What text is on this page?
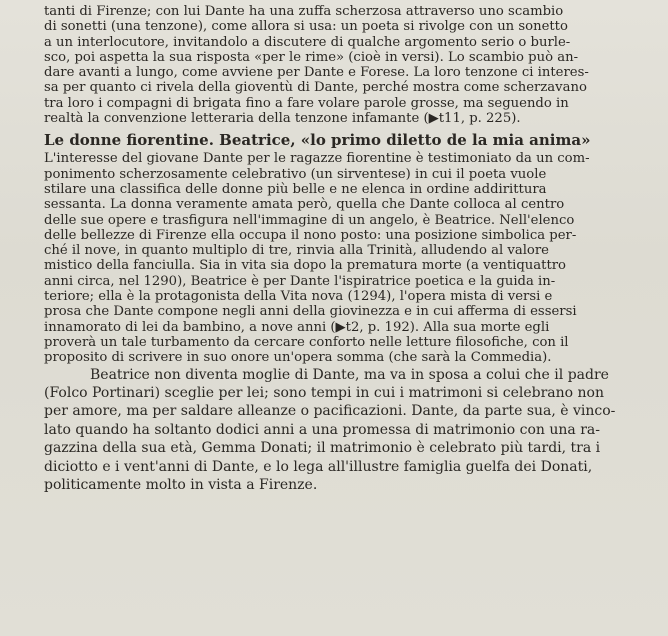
tanti di Firenze; con lui Dante ha una zuffa scherzosa attraverso uno scambio
di sonetti (una tenzone), come allora si usa: un poeta si rivolge con un sonetto
a un interlocutore, invitandolo a discutere di qualche argomento serio o burle-
sco, poi aspetta la sua risposta «per le rime» (cioè in versi). Lo scambio può an-
dare avanti a lungo, come avviene per Dante e Forese. La loro tenzone ci interes-
sa per quanto ci rivela della gioventù di Dante, perché mostra come scherzavano
tra loro i compagni di brigata fino a fare volare parole grosse, ma seguendo in
realtà la convenzione letteraria della tenzone infamante (▶t11, p. 225).
Le donne fiorentine. Beatrice, «lo primo diletto de la mia anima»
L'interesse del giovane Dante per le ragazze fiorentine è testimoniato da un com-
ponimento scherzosamente celebrativo (un sirventese) in cui il poeta vuole
stilare una classifica delle donne più belle e ne elenca in ordine addirittura
sessanta. La donna veramente amata però, quella che Dante colloca al centro
delle sue opere e trasfigura nell'immagine di un angelo, è Beatrice. Nell'elenco
delle bellezze di Firenze ella occupa il nono posto: una posizione simbolica per-
ché il nove, in quanto multiplo di tre, rinvia alla Trinità, alludendo al valore
mistico della fanciulla. Sia in vita sia dopo la prematura morte (a ventiquattro
anni circa, nel 1290), Beatrice è per Dante l'ispiratrice poetica e la guida in-
teriore; ella è la protagonista della Vita nova (1294), l'opera mista di versi e
prosa che Dante compone negli anni della giovinezza e in cui afferma di essersi
innamorato di lei da bambino, a nove anni (▶t2, p. 192). Alla sua morte egli
proverà un tale turbamento da cercare conforto nelle letture filosofiche, con il
proposito di scrivere in suo onore un'opera somma (che sarà la Commedia).
Beatrice non diventa moglie di Dante, ma va in sposa a colui che il padre
(Folco Portinari) sceglie per lei; sono tempi in cui i matrimoni si celebrano non
per amore, ma per saldare alleanze o pacificazioni. Dante, da parte sua, è vinco-
lato quando ha soltanto dodici anni a una promessa di matrimonio con una ra-
gazzina della sua età, Gemma Donati; il matrimonio è celebrato più tardi, tra i
diciotto e i vent'anni di Dante, e lo lega all'illustre famiglia guelfa dei Donati,
politicamente molto in vista a Firenze.
